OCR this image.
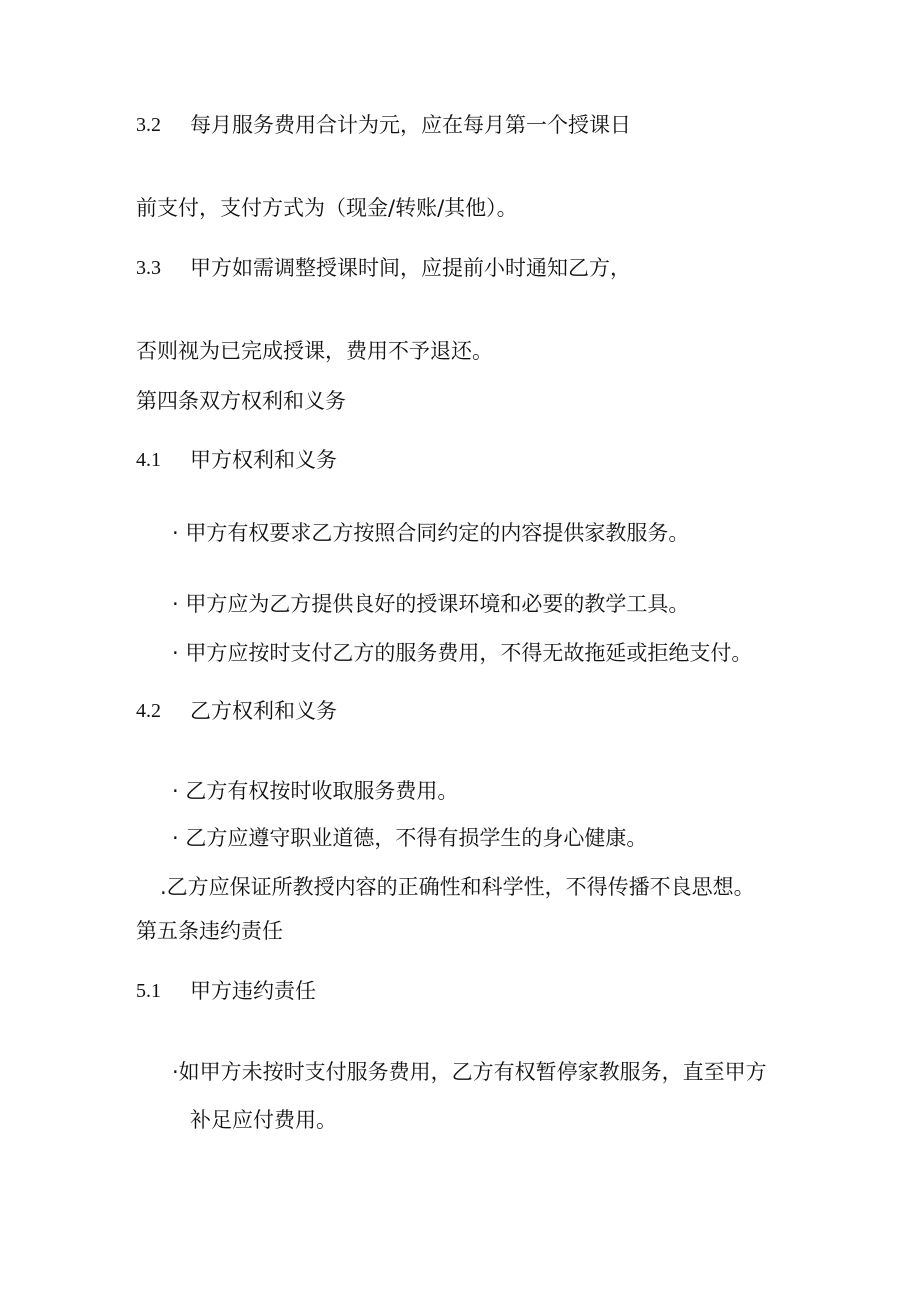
3.2 每月服务费用合计为元，应在每月第一个授课日
前支付，支付方式为（现金/转账/其他）。
3.3 甲方如需调整授课时间，应提前小时通知乙方，
否则视为已完成授课，费用不予退还。
第四条双方权利和义务
4.1 甲方权利和义务
· 甲方有权要求乙方按照合同约定的内容提供家教服务。
· 甲方应为乙方提供良好的授课环境和必要的教学工具。
· 甲方应按时支付乙方的服务费用，不得无故拖延或拒绝支付。
4.2 乙方权利和义务
· 乙方有权按时收取服务费用。
· 乙方应遵守职业道德，不得有损学生的身心健康。
.乙方应保证所教授内容的正确性和科学性，不得传播不良思想。
第五条违约责任
5.1 甲方违约责任
·如甲方未按时支付服务费用，乙方有权暂停家教服务，直至甲方
补足应付费用。
